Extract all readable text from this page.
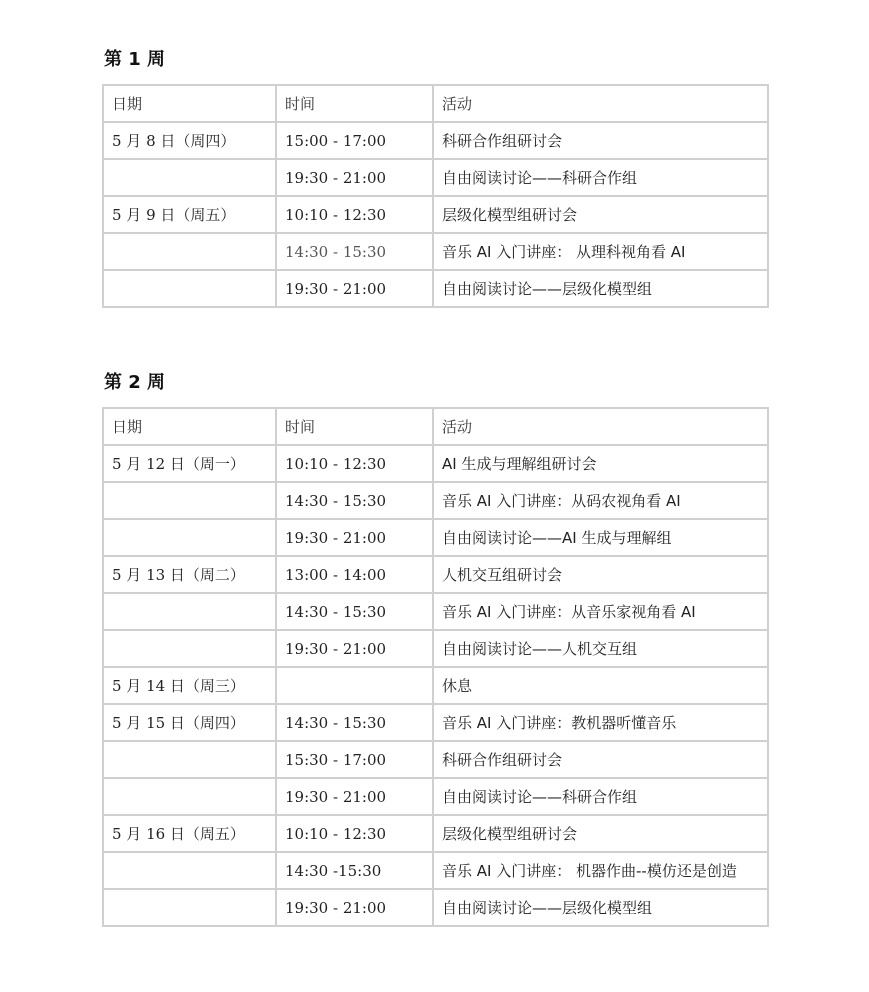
第 1 周
日期	时间	活动
5 月 8 日（周四）	15:00 - 17:00	科研合作组研讨会
	19:30 - 21:00	自由阅读讨论——科研合作组
5 月 9 日（周五）	10:10 - 12:30	层级化模型组研讨会
	14:30 - 15:30	音乐 AI 入门讲座： 从理科视角看 AI
	19:30 - 21:00	自由阅读讨论——层级化模型组
第 2 周
日期	时间	活动
5 月 12 日（周一）	10:10 - 12:30	AI 生成与理解组研讨会
	14:30 - 15:30	音乐 AI 入门讲座：从码农视角看 AI
	19:30 - 21:00	自由阅读讨论——AI 生成与理解组
5 月 13 日（周二）	13:00 - 14:00	人机交互组研讨会
	14:30 - 15:30	音乐 AI 入门讲座：从音乐家视角看 AI
	19:30 - 21:00	自由阅读讨论——人机交互组
5 月 14 日（周三）		休息
5 月 15 日（周四）	14:30 - 15:30	音乐 AI 入门讲座：教机器听懂音乐
	15:30 - 17:00	科研合作组研讨会
	19:30 - 21:00	自由阅读讨论——科研合作组
5 月 16 日（周五）	10:10 - 12:30	层级化模型组研讨会
	14:30 -15:30	音乐 AI 入门讲座： 机器作曲--模仿还是创造
	19:30 - 21:00	自由阅读讨论——层级化模型组
